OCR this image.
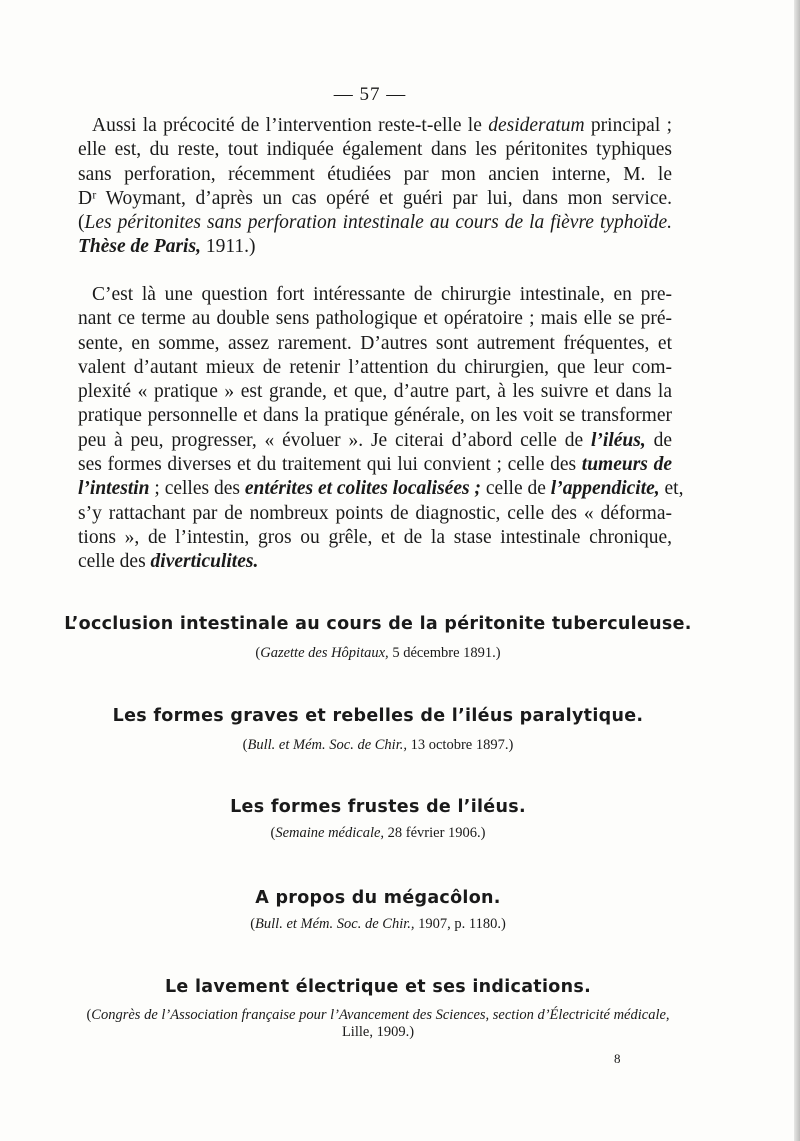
— 57 —
Aussi la précocité de l’intervention reste-t-elle le desideratum principal ;
elle est, du reste, tout indiquée également dans les péritonites typhiques
sans perforation, récemment étudiées par mon ancien interne, M. le
Dʳ Woymant, d’après un cas opéré et guéri par lui, dans mon service.
(Les péritonites sans perforation intestinale au cours de la fièvre typhoïde.
Thèse de Paris, 1911.)
C’est là une question fort intéressante de chirurgie intestinale, en pre-
nant ce terme au double sens pathologique et opératoire ; mais elle se pré-
sente, en somme, assez rarement. D’autres sont autrement fréquentes, et
valent d’autant mieux de retenir l’attention du chirurgien, que leur com-
plexité « pratique » est grande, et que, d’autre part, à les suivre et dans la
pratique personnelle et dans la pratique générale, on les voit se transformer
peu à peu, progresser, « évoluer ». Je citerai d’abord celle de l’iléus, de
ses formes diverses et du traitement qui lui convient ; celle des tumeurs de
l’intestin ; celles des entérites et colites localisées ; celle de l’appendicite, et,
s’y rattachant par de nombreux points de diagnostic, celle des « déforma-
tions », de l’intestin, gros ou grêle, et de la stase intestinale chronique,
celle des diverticulites.
L’occlusion intestinale au cours de la péritonite tuberculeuse.
(Gazette des Hôpitaux, 5 décembre 1891.)
Les formes graves et rebelles de l’iléus paralytique.
(Bull. et Mém. Soc. de Chir., 13 octobre 1897.)
Les formes frustes de l’iléus.
(Semaine médicale, 28 février 1906.)
A propos du mégacôlon.
(Bull. et Mém. Soc. de Chir., 1907, p. 1180.)
Le lavement électrique et ses indications.
(Congrès de l’Association française pour l’Avancement des Sciences, section d’Électricité médicale,
Lille, 1909.)
8
